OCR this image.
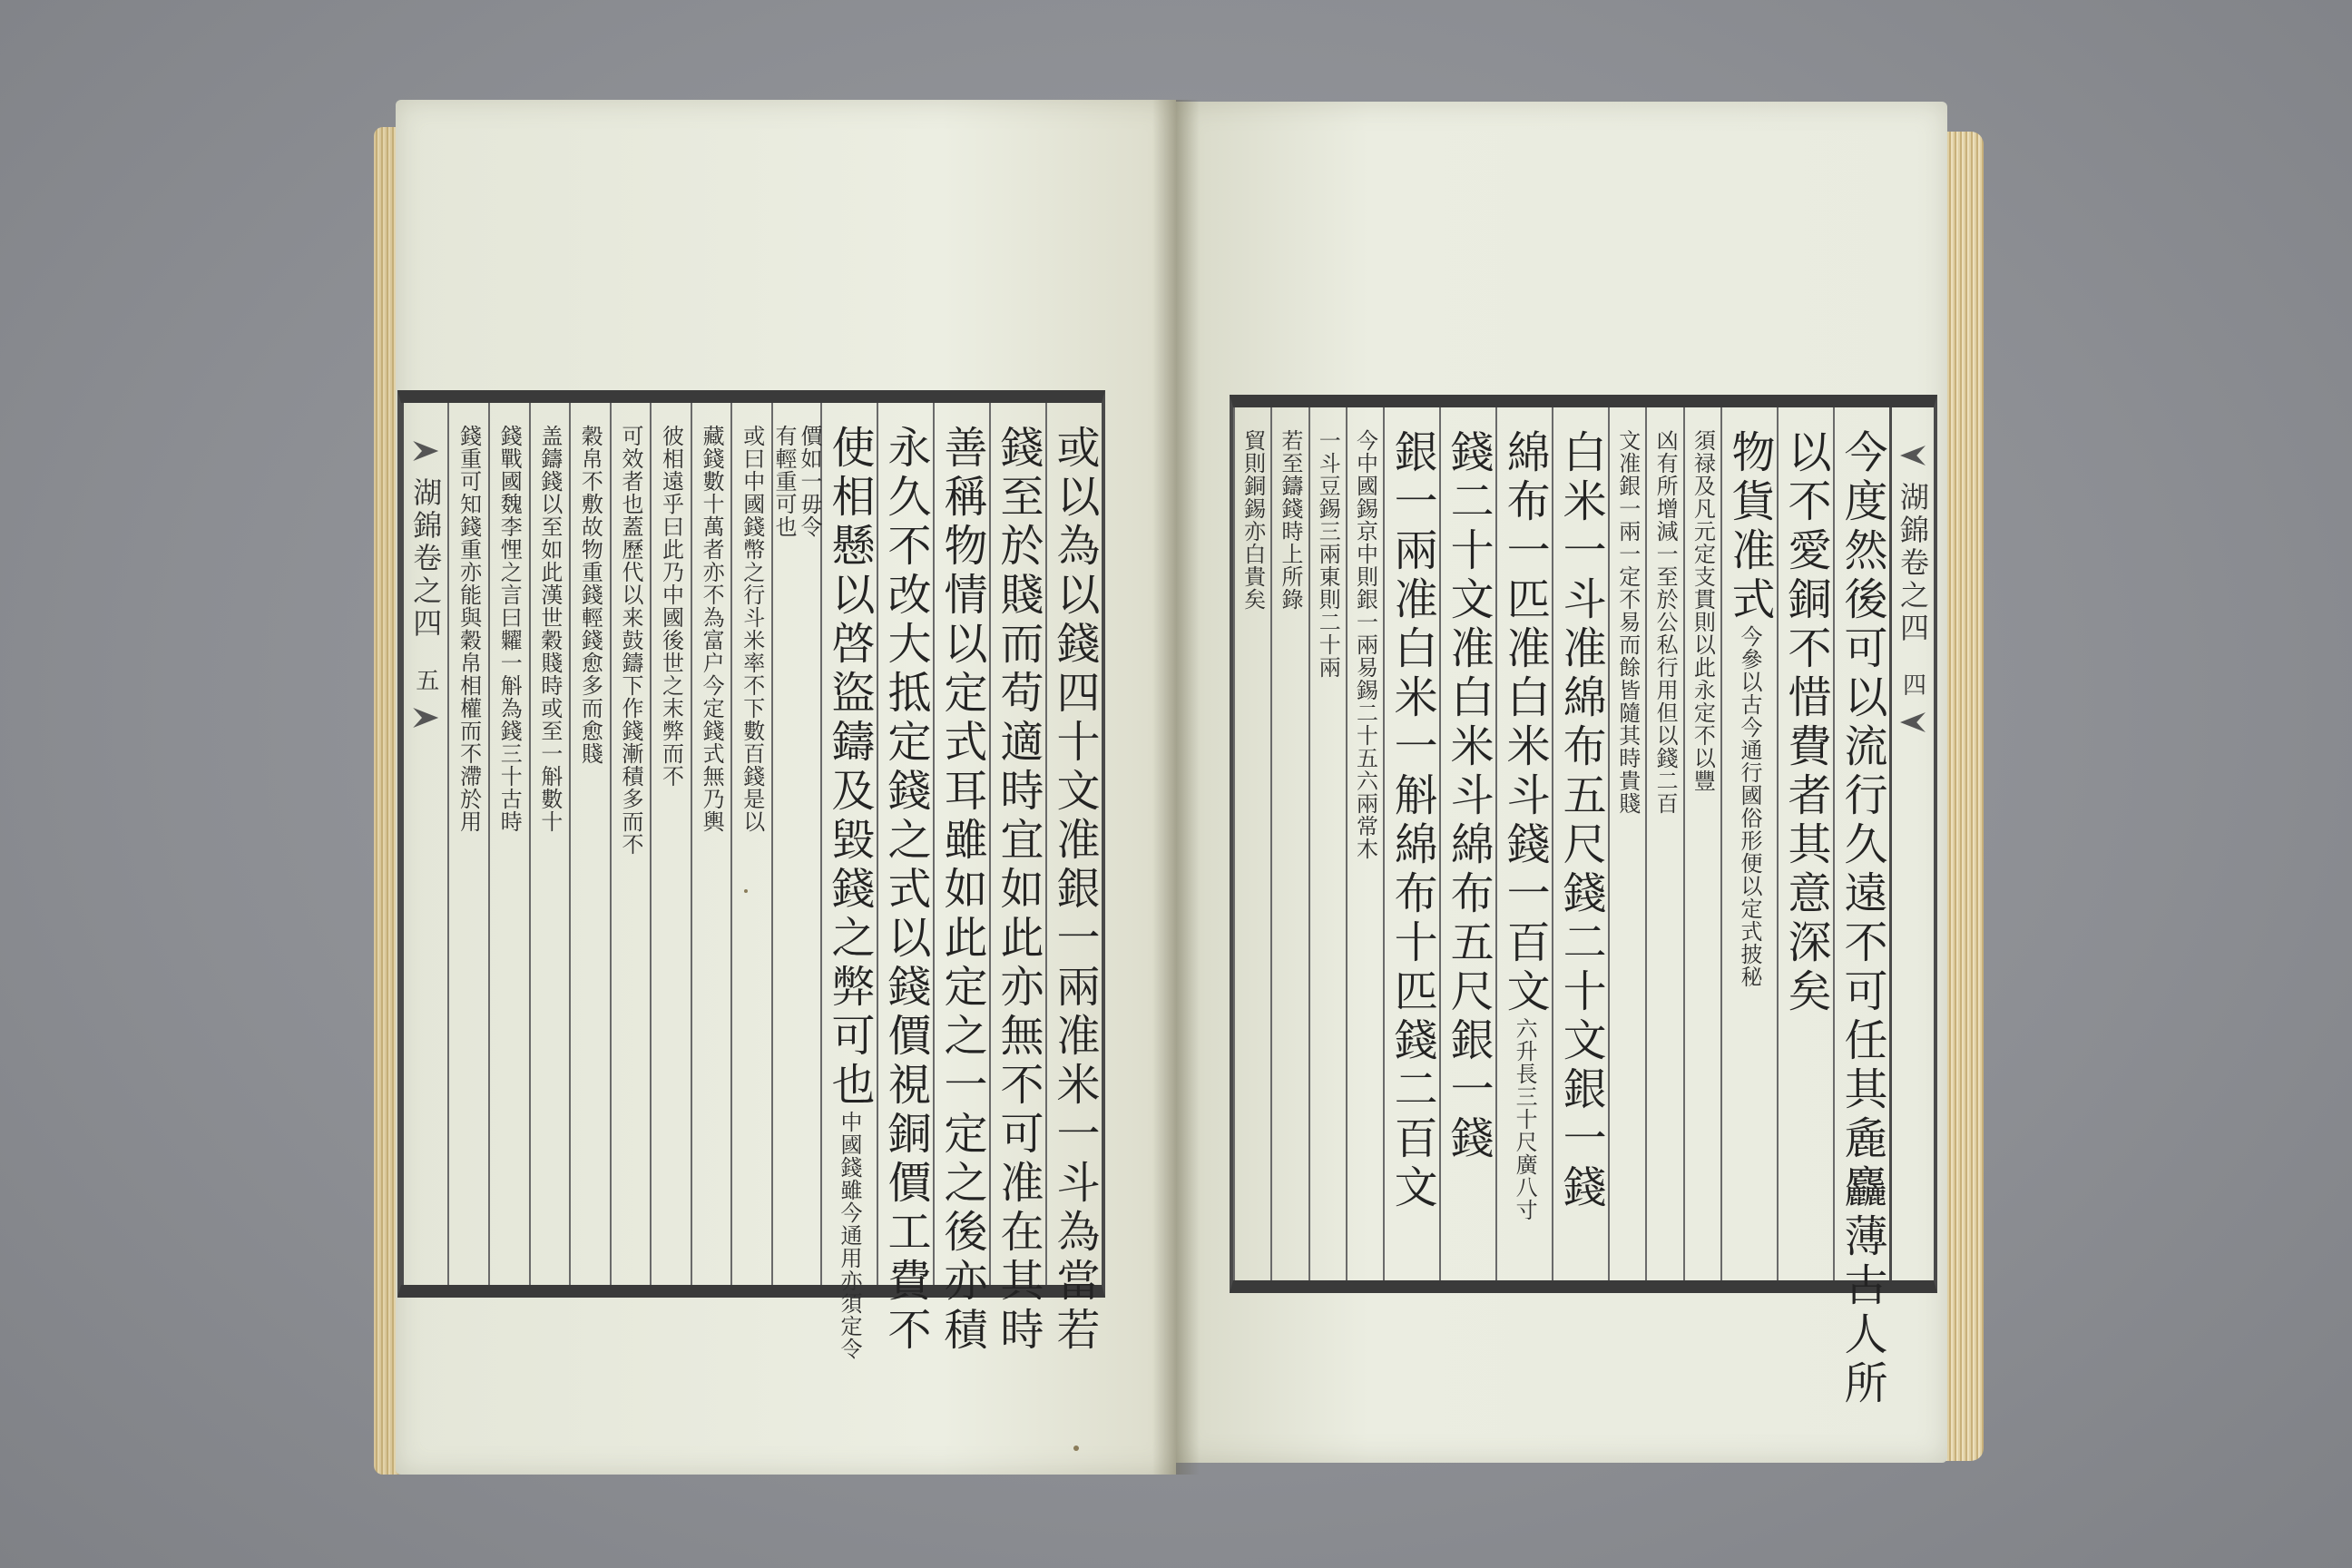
或以為以錢四十文准銀一兩准米一斗為當若
錢至於賤而苟適時宜如此亦無不可准在其時
善稱物情以定式耳雖如此定之一定之後亦積
永久不改大抵定錢之式以錢價視銅價工費不
使相懸以啓盜鑄及毀錢之弊可也
中國錢雖今通用亦須定令
價如一毋令
有輕重可也
或曰中國錢幣之行斗米率不下數百錢是以
藏錢數十萬者亦不為富户今定錢式無乃輿
彼相遠乎曰此乃中國後世之末弊而不
可效者也蓋歷代以来鼓鑄下作錢漸積多而不
穀帛不敷故物重錢輕錢愈多而愈賤
盖鑄錢以至如此漢世穀賤時或至一斛數十
錢戰國魏李悝之言曰糶一斛為錢三十古時
錢重可知錢重亦能與穀帛相權而不滯於用
湖錦卷之四
五
湖錦卷之四
四
今度然後可以流行久遠不可任其麁麤薄古人所
以不愛銅不惜費者其意深矣
物貨准式
今參以古今通行國俗形便以定式披秘
須禄及凡元定支貫則以此永定不以豐
凶有所增減一至於公私行用但以錢二百
文准銀一兩一定不易而餘皆隨其時貴賤
白米一斗准綿布五尺錢二十文銀一錢
綿布一匹准白米斗錢一百文
六升長三十尺廣八寸
錢二十文准白米斗綿布五尺銀一錢
銀一兩准白米一斛綿布十匹錢二百文
今中國錫京中則銀一兩易錫二十五六兩常木
一斗豆錫三兩東則二十兩
若至鑄錢時上所錄
貿則銅錫亦白貴矣
